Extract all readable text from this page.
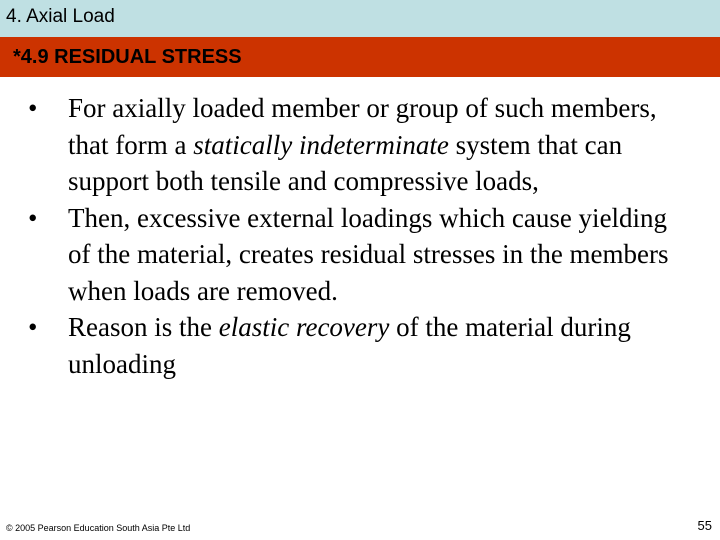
4. Axial Load
*4.9 RESIDUAL STRESS
•	For axially loaded member or group of such members, that form a statically indeterminate system that can support both tensile and compressive loads,
•	Then, excessive external loadings which cause yielding of the material, creates residual stresses in the members when loads are removed.
•	Reason is the elastic recovery of the material during unloading
© 2005 Pearson Education South Asia Pte Ltd	55
